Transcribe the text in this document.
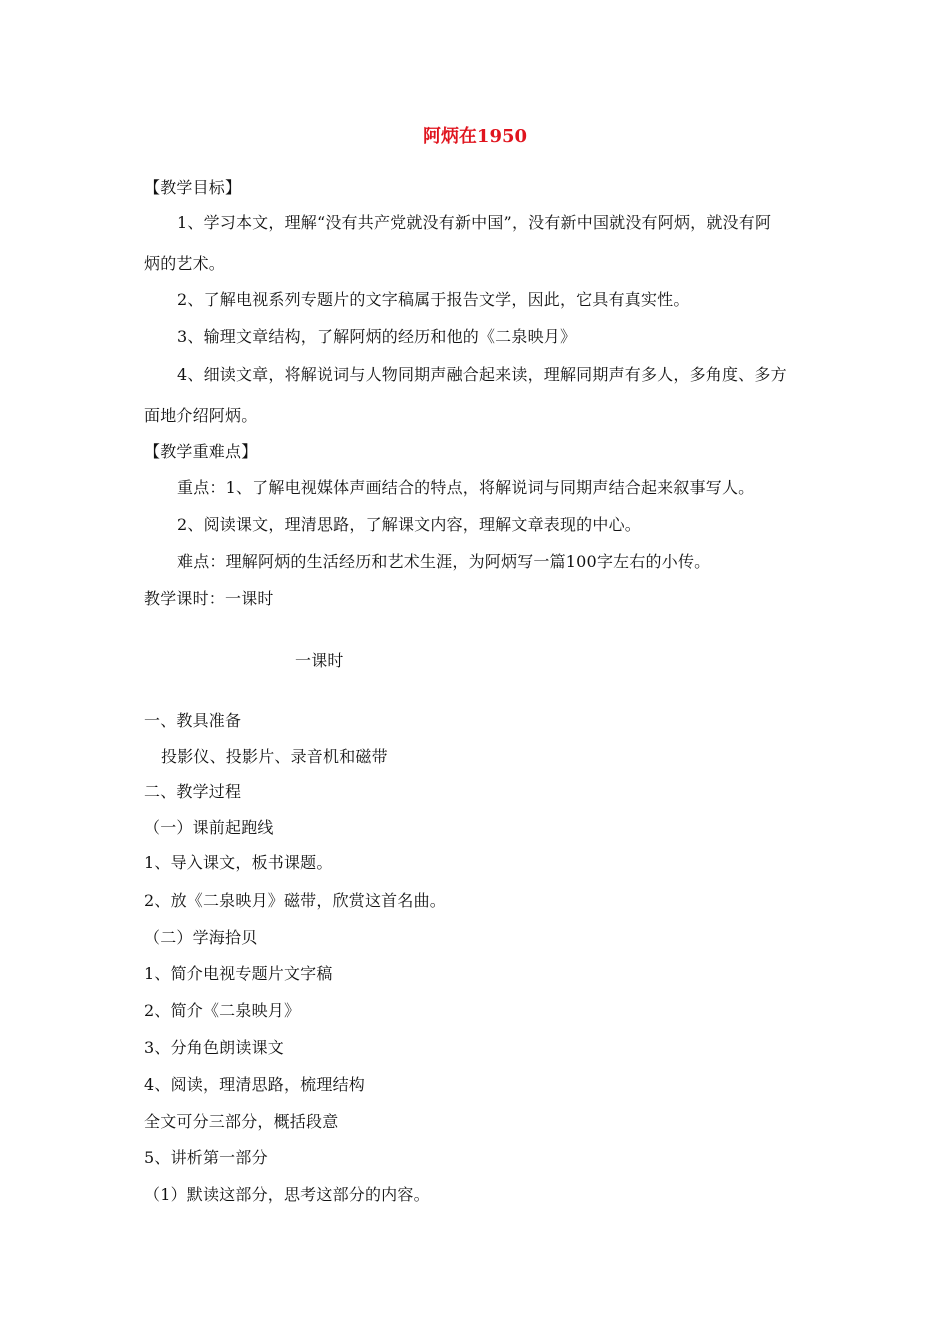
阿炳在1950
【教学目标】
1、学习本文，理解“没有共产党就没有新中国”，没有新中国就没有阿炳，就没有阿
炳的艺术。
2、了解电视系列专题片的文字稿属于报告文学，因此，它具有真实性。
3、输理文章结构，了解阿炳的经历和他的《二泉映月》
4、细读文章，将解说词与人物同期声融合起来读，理解同期声有多人，多角度、多方
面地介绍阿炳。
【教学重难点】
重点：1、了解电视媒体声画结合的特点，将解说词与同期声结合起来叙事写人。
2、阅读课文，理清思路，了解课文内容，理解文章表现的中心。
难点：理解阿炳的生活经历和艺术生涯，为阿炳写一篇100字左右的小传。
教学课时：一课时
一课时
一、教具准备
投影仪、投影片、录音机和磁带
二、教学过程
（一）课前起跑线
1、导入课文，板书课题。
2、放《二泉映月》磁带，欣赏这首名曲。
（二）学海拾贝
1、简介电视专题片文字稿
2、简介《二泉映月》
3、分角色朗读课文
4、阅读，理清思路，梳理结构
全文可分三部分，概括段意
5、讲析第一部分
（1）默读这部分，思考这部分的内容。
